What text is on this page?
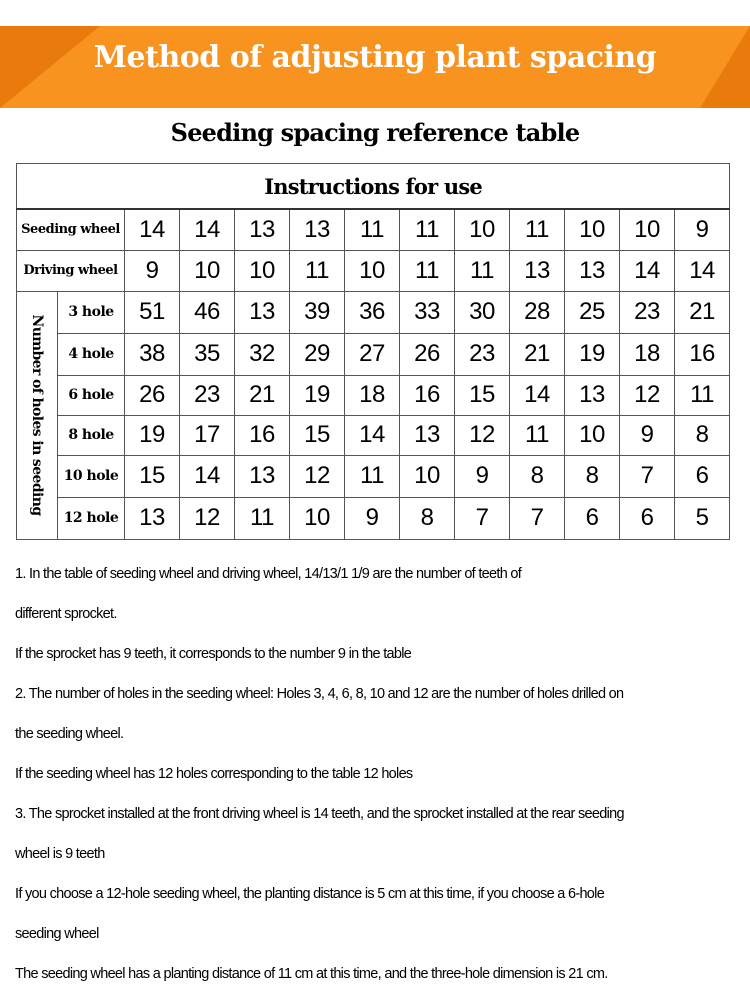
Method of adjusting plant spacing
Seeding spacing reference table
Instructions for use												
Seeding wheel		14	14	13	13	11	11	10	11	10	10	9
Driving wheel		9	10	10	11	10	11	11	13	13	14	14

Number of holes in seeding	3 hole	51	46	13	39	36	33	30	28	25	23	21
	4 hole	38	35	32	29	27	26	23	21	19	18	16
	6 hole	26	23	21	19	18	16	15	14	13	12	11
	8 hole	19	17	16	15	14	13	12	11	10	9	8
	10 hole	15	14	13	12	11	10	9	8	8	7	6
	12 hole	13	12	11	10	9	8	7	7	6	6	5

1. In the table of seeding wheel and driving wheel, 14/13/1 1/9 are the number of teeth of

different sprocket.

If the sprocket has 9 teeth, it corresponds to the number 9 in the table

2. The number of holes in the seeding wheel: Holes 3, 4, 6, 8, 10 and 12 are the number of holes drilled on

the seeding wheel.

If the seeding wheel has 12 holes corresponding to the table 12 holes

3. The sprocket installed at the front driving wheel is 14 teeth, and the sprocket installed at the rear seeding

wheel is 9 teeth

If you choose a 12-hole seeding wheel, the planting distance is 5 cm at this time, if you choose a 6-hole

seeding wheel

The seeding wheel has a planting distance of 11 cm at this time, and the three-hole dimension is 21 cm.
